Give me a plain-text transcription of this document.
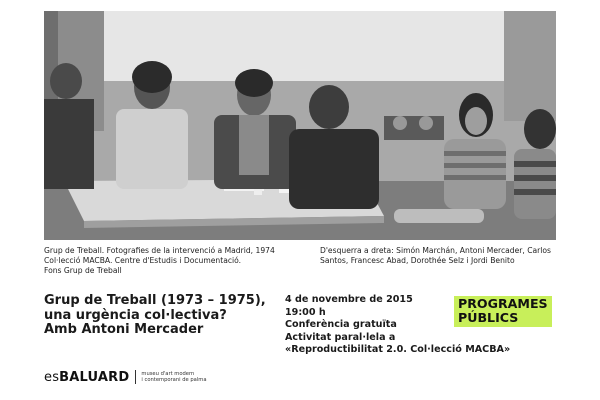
Grup de Treball. Fotografies de la intervenció a Madrid, 1974
Col·lecció MACBA. Centre d'Estudis i Documentació.
Fons Grup de Treball
D'esquerra a dreta: Simón Marchán, Antoni Mercader, Carlos
Santos, Francesc Abad, Dorothée Selz i Jordi Benito
Grup de Treball (1973 – 1975),
una urgència col·lectiva?
Amb Antoni Mercader
4 de novembre de 2015
19:00 h
Conferència gratuïta
Activitat paral·lela a
«Reproductibilitat 2.0. Col·lecció MACBA»
PROGRAMES
PÚBLICS
esBALUARD museu d'art modern
i contemporani de palma
